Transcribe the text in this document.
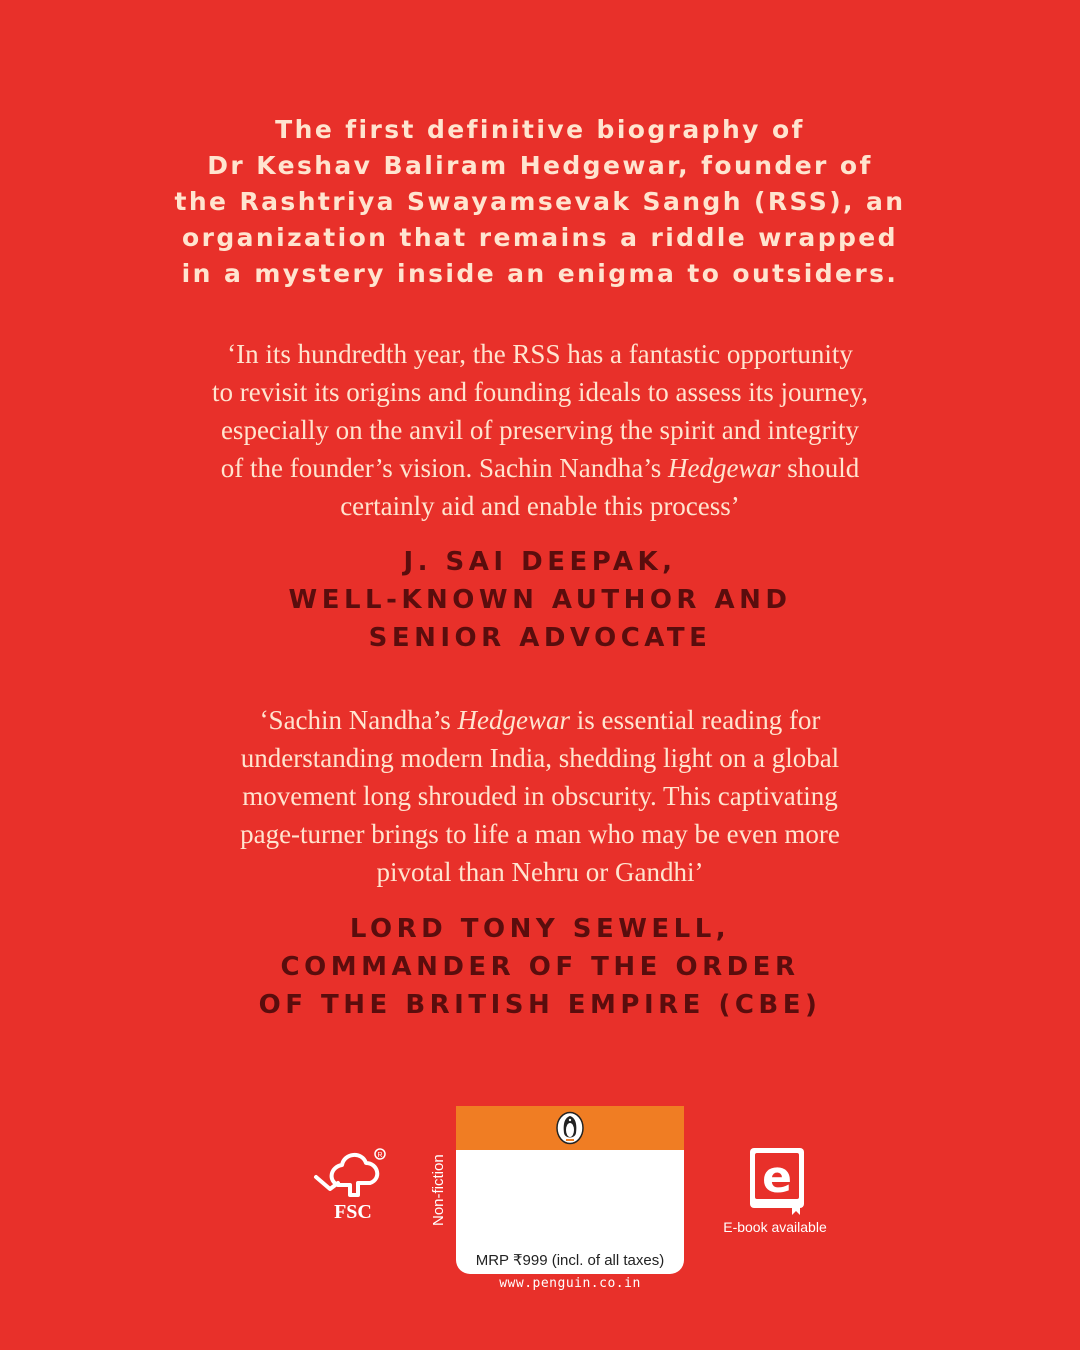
The first definitive biography of
Dr Keshav Baliram Hedgewar, founder of
the Rashtriya Swayamsevak Sangh (RSS), an
organization that remains a riddle wrapped
in a mystery inside an enigma to outsiders.
‘In its hundredth year, the RSS has a fantastic opportunity
to revisit its origins and founding ideals to assess its journey,
especially on the anvil of preserving the spirit and integrity
of the founder’s vision. Sachin Nandha’s Hedgewar should
certainly aid and enable this process’
J. SAI DEEPAK,
WELL-KNOWN AUTHOR AND
SENIOR ADVOCATE
‘Sachin Nandha’s Hedgewar is essential reading for
understanding modern India, shedding light on a global
movement long shrouded in obscurity. This captivating
page-turner brings to life a man who may be even more
pivotal than Nehru or Gandhi’
LORD TONY SEWELL,
COMMANDER OF THE ORDER
OF THE BRITISH EMPIRE (CBE)
R
FSC	Non-fiction
MRP ₹999 (incl. of all taxes)
www.penguin.co.in
e
E-book available
